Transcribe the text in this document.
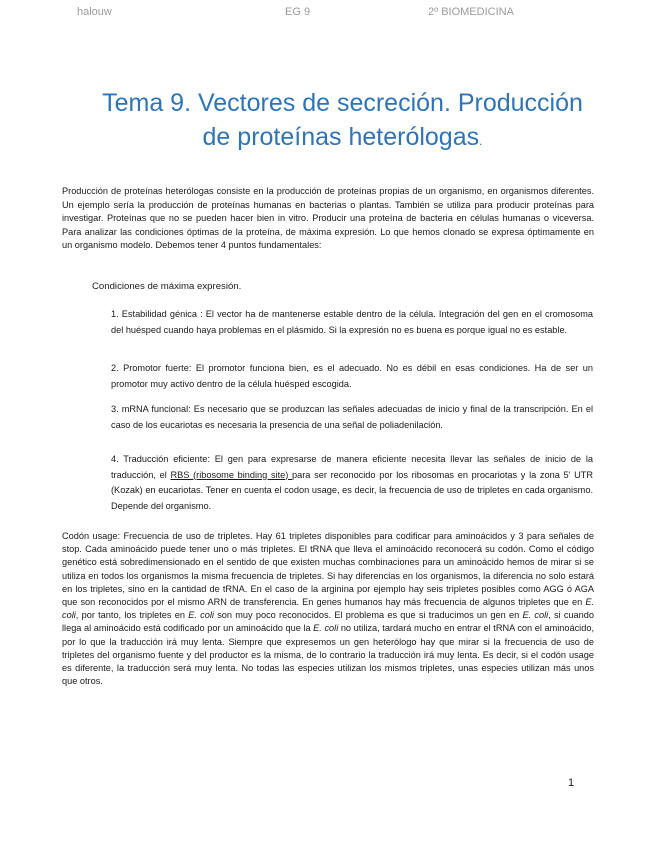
halouw	EG 9	2º BIOMEDICINA
Tema 9. Vectores de secreción. Producción
de proteínas heterólogas.

Producción de proteínas heterólogas consiste en la producción de proteínas propias de un organismo, en organismos diferentes. Un ejemplo sería la producción de proteínas humanas en bacterias o plantas. También se utiliza para producir proteínas para investigar. Proteínas que no se pueden hacer bien in vitro. Producir una proteína de bacteria en células humanas o viceversa. Para analizar las condiciones óptimas de la proteína, de máxima expresión. Lo que hemos clonado se expresa óptimamente en un organismo modelo. Debemos tener 4 puntos fundamentales:

Condiciones de máxima expresión.
1. Estabilidad génica : El vector ha de mantenerse estable dentro de la célula. Integración del gen en el cromosoma del huésped cuando haya problemas en el plásmido. Si la expresión no es buena es porque igual no es estable.
2. Promotor fuerte: El promotor funciona bien, es el adecuado. No es débil en esas condiciones. Ha de ser un promotor muy activo dentro de la célula huésped escogida.
3. mRNA funcional: Es necesario que se produzcan las señales adecuadas de inicio y final de la transcripción. En el caso de los eucariotas es necesaria la presencia de una señal de poliadenilación.
4. Traducción eficiente: El gen para expresarse de manera eficiente necesita llevar las señales de inicio de la traducción, el RBS (ribosome binding site) para ser reconocido por los ribosomas en procariotas y la zona 5' UTR (Kozak) en eucariotas. Tener en cuenta el codon usage, es decir, la frecuencia de uso de tripletes en cada organismo. Depende del organismo.

Codón usage: Frecuencia de uso de tripletes. Hay 61 tripletes disponibles para codificar para aminoácidos y 3 para señales de stop. Cada aminoácido puede tener uno o más tripletes. El tRNA que lleva el aminoácido reconocerá su codón. Como el código genético está sobredimensionado en el sentido de que existen muchas combinaciones para un aminoácido hemos de mirar si se utiliza en todos los organismos la misma frecuencia de tripletes. Si hay diferencias en los organismos, la diferencia no solo estará en los tripletes, sino en la cantidad de tRNA. En el caso de la arginina por ejemplo hay seis tripletes posibles como AGG ó AGA que son reconocidos por el mismo ARN de transferencia. En genes humanos hay más frecuencia de algunos tripletes que en E. coli, por tanto, los tripletes en E. coli son muy poco reconocidos. El problema es que si traducimos un gen en E. coli, si cuando llega al aminoácido está codificado por un aminoácido que la E. coli no utiliza, tardará mucho en entrar el tRNA con el aminoácido, por lo que la traducción irá muy lenta. Siempre que expresemos un gen heterólogo hay que mirar si la frecuencia de uso de tripletes del organismo fuente y del productor es la misma, de lo contrario la traducción irá muy lenta. Es decir, si el codón usage es diferente, la traducción será muy lenta. No todas las especies utilizan los mismos tripletes, unas especies utilizan más unos que otros.

1
